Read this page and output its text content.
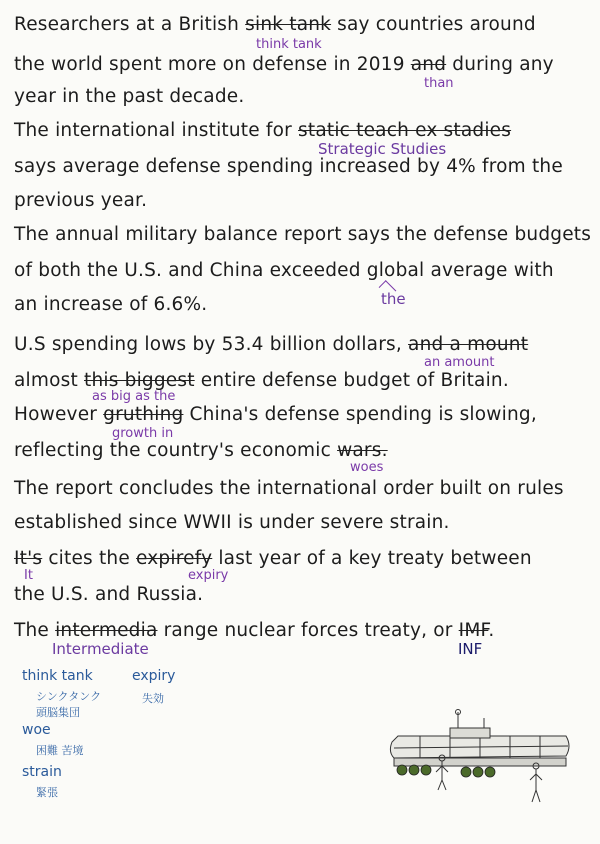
Researchers at a British sink tank say countries around
think tank
the world spent more on defense in 2019 and during any
than
year in the past decade.
The international institute for static teach ex stadies
Strategic Studies
says average defense spending increased by 4% from the
previous year.
The annual military balance report says the defense budgets
of both the U.S. and China exceeded global average with
the
an increase of 6.6%.
U.S spending lows by 53.4 billion dollars, and a mount
an amount
almost this biggest entire defense budget of Britain.
as big as the
However gruthing China's defense spending is slowing,
growth in
reflecting the country's economic wars.
woes
The report concludes the international order built on rules
established since WWII is under severe strain.
It's cites the expirefy last year of a key treaty between
It	expiry
the U.S. and Russia.
The intermedia range nuclear forces treaty, or IMF.
Intermediate	INF
think tank
シンクタンク
頭脳集団
expiry
失効
woe
困難 苦境
strain
緊張
